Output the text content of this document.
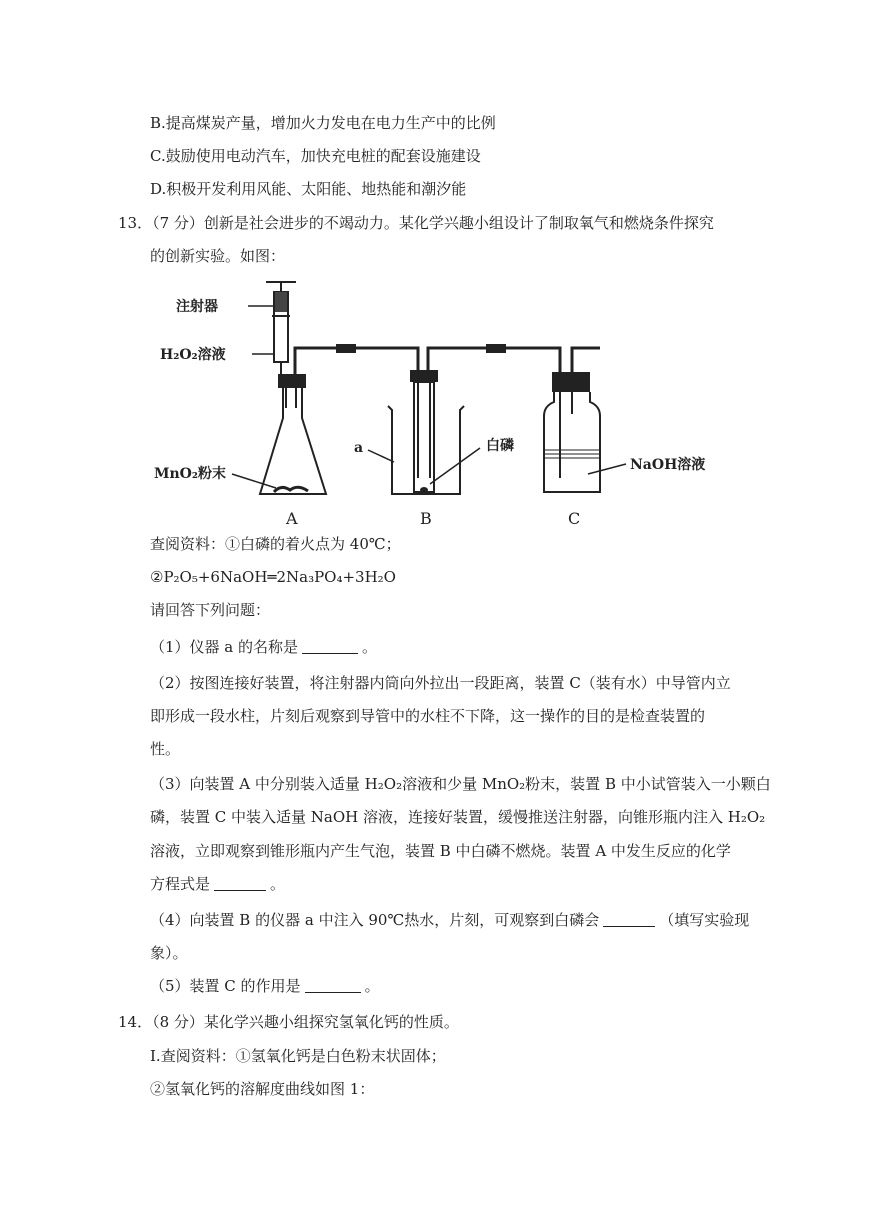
B.提高煤炭产量，增加火力发电在电力生产中的比例
C.鼓励使用电动汽车，加快充电桩的配套设施建设
D.积极开发利用风能、太阳能、地热能和潮汐能
13．（7 分）创新是社会进步的不竭动力。某化学兴趣小组设计了制取氧气和燃烧条件探究
的创新实验。如图：
注射器
H₂O₂溶液
MnO₂粉末
a	白磷
NaOH溶液
A	B	C
查阅资料：①白磷的着火点为 40℃；
②P₂O₅+6NaOH═2Na₃PO₄+3H₂O
请回答下列问题：
（1）仪器 a 的名称是	。
（2）按图连接好装置，将注射器内筒向外拉出一段距离，装置 C（装有水）中导管内立
即形成一段水柱，片刻后观察到导管中的水柱不下降，这一操作的目的是检查装置的
性。
（3）向装置 A 中分别装入适量 H₂O₂溶液和少量 MnO₂粉末，装置 B 中小试管装入一小颗白
磷，装置 C 中装入适量 NaOH 溶液，连接好装置，缓慢推送注射器，向锥形瓶内注入 H₂O₂
溶液，立即观察到锥形瓶内产生气泡，装置 B 中白磷不燃烧。装置 A 中发生反应的化学
方程式是	。
（4）向装置 B 的仪器 a 中注入 90℃热水，片刻，可观察到白磷会	（填写实验现
象）。
（5）装置 C 的作用是	。
14．（8 分）某化学兴趣小组探究氢氧化钙的性质。
Ⅰ.查阅资料：①氢氧化钙是白色粉末状固体；
②氢氧化钙的溶解度曲线如图 1：
